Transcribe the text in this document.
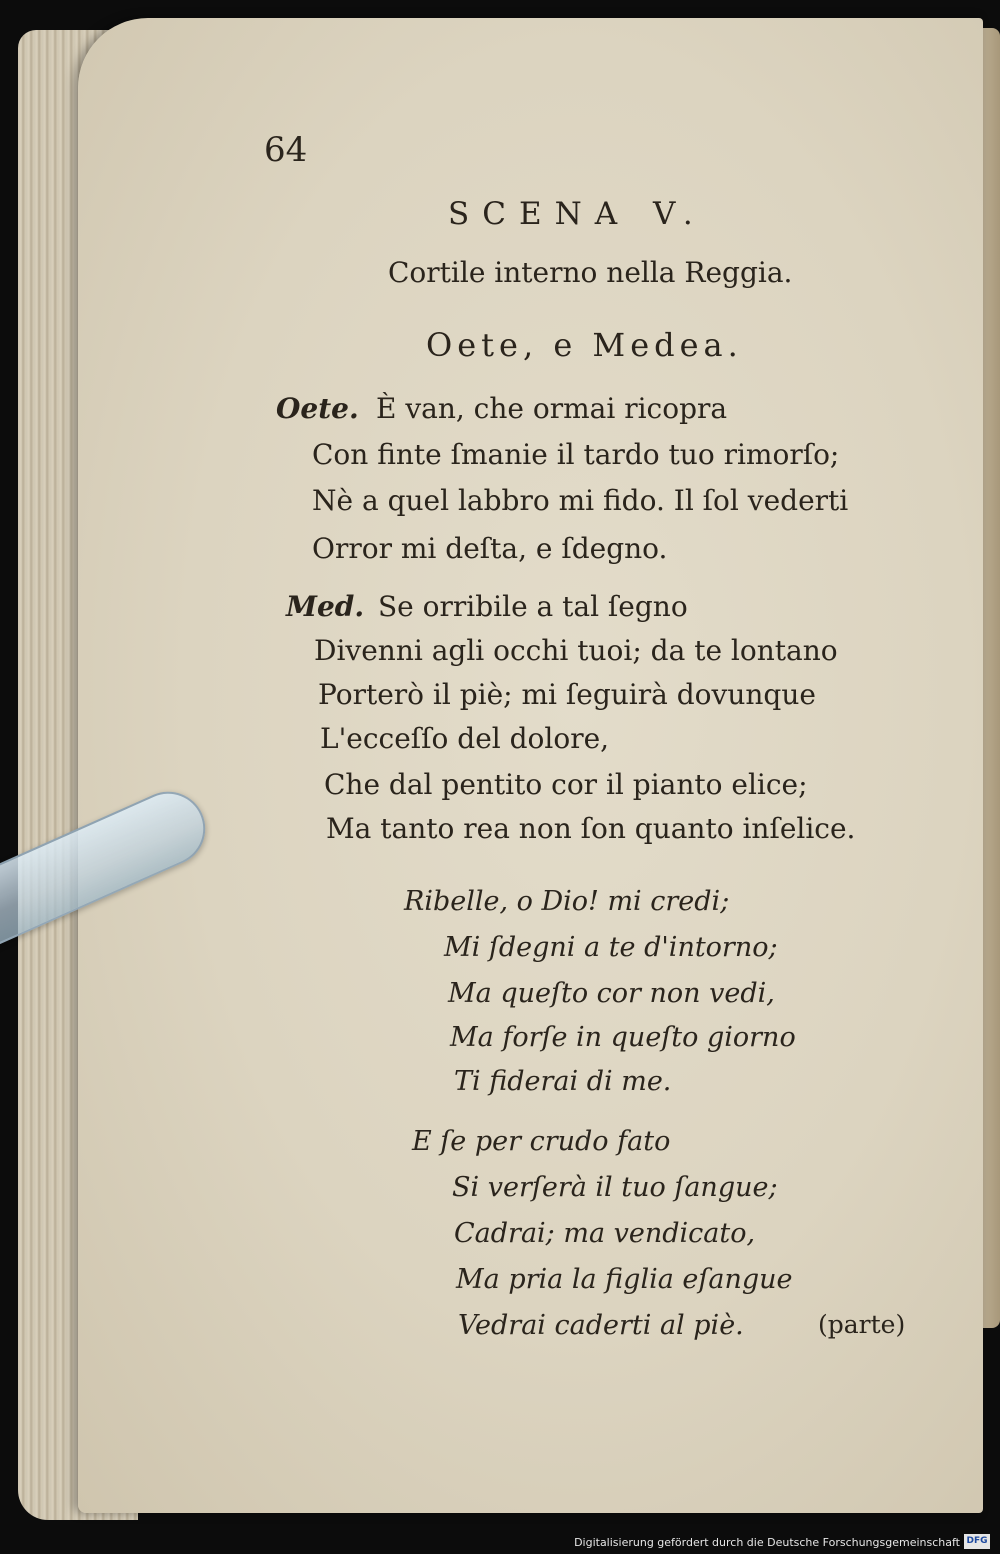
64
SCENA V.
Cortile interno nella Reggia.
Oete, e Medea.
Oete. È van, che ormai ricopra
Con finte ſmanie il tardo tuo rimorſo;
Nè a quel labbro mi fido. Il ſol vederti
Orror mi deſta, e ſdegno.
Med. Se orribile a tal ſegno
Divenni agli occhi tuoi; da te lontano
Porterò il piè; mi ſeguirà dovunque
L'eccеſſo del dolore,
Che dal pentito cor il pianto elice;
Ma tanto rea non ſon quanto inſelice.
Ribelle, o Dio! mi credi;
Mi ſdegni a te d'intorno;
Ma queſto cor non vedi,
Ma forſe in queſto giorno
Ti fiderai di me.
E ſe per crudo fato
Si verſerà il tuo ſangue;
Cadrai; ma vendicato,
Ma pria la figlia eſangue
Vedrai caderti al piè.	(parte)
Digitalisierung gefördert durch die Deutsche Forschungsgemeinschaft DFG
